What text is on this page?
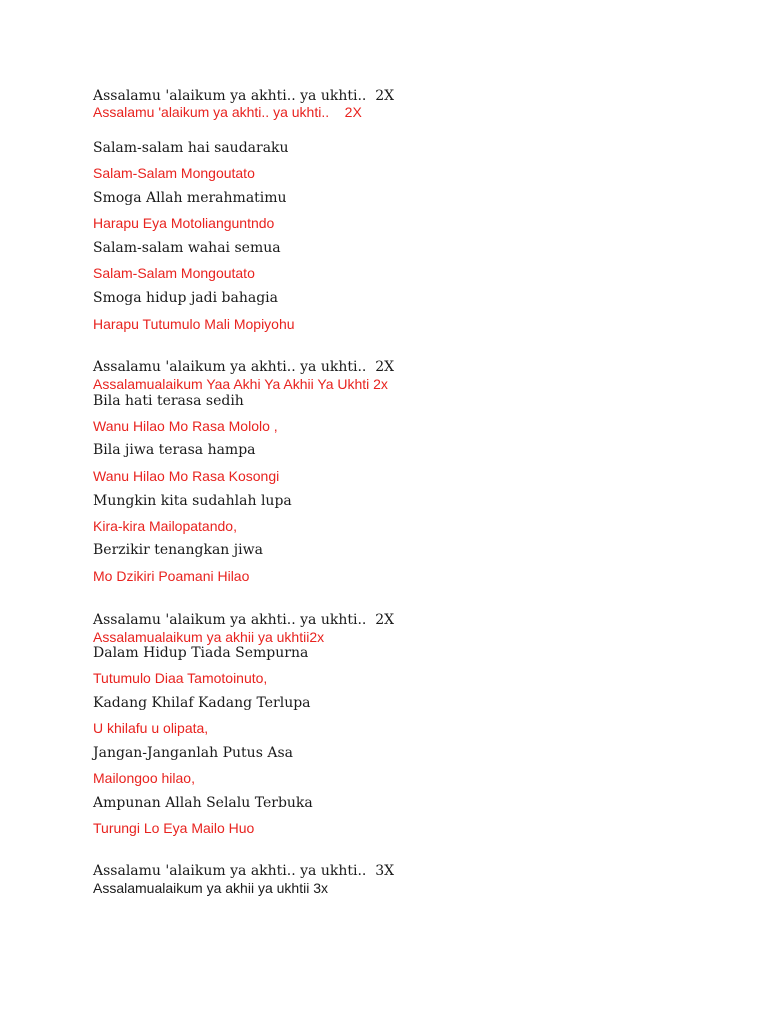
Assalamu 'alaikum ya akhti.. ya ukhti..  2X
Assalamu 'alaikum ya akhti.. ya ukhti..    2X
Salam-salam hai saudaraku
Salam-Salam Mongoutato
Smoga Allah merahmatimu
Harapu Eya Motolianguntndo
Salam-salam wahai semua
Salam-Salam Mongoutato
Smoga hidup jadi bahagia
Harapu Tutumulo Mali Mopiyohu
Assalamu 'alaikum ya akhti.. ya ukhti..  2X
Assalamualaikum Yaa Akhi Ya Akhii Ya Ukhti 2x
Bila hati terasa sedih
Wanu Hilao Mo Rasa Mololo ,
Bila jiwa terasa hampa
Wanu Hilao Mo Rasa Kosongi
Mungkin kita sudahlah lupa
Kira-kira Mailopatando,
Berzikir tenangkan jiwa
Mo Dzikiri Poamani Hilao
Assalamu 'alaikum ya akhti.. ya ukhti..  2X
Assalamualaikum ya akhii ya ukhtii2x
Dalam Hidup Tiada Sempurna
Tutumulo Diaa Tamotoinuto,
Kadang Khilaf Kadang Terlupa
U khilafu u olipata,
Jangan-Janganlah Putus Asa
Mailongoo hilao,
Ampunan Allah Selalu Terbuka
Turungi Lo Eya Mailo Huo
Assalamu 'alaikum ya akhti.. ya ukhti..  3X
Assalamualaikum ya akhii ya ukhtii 3x
